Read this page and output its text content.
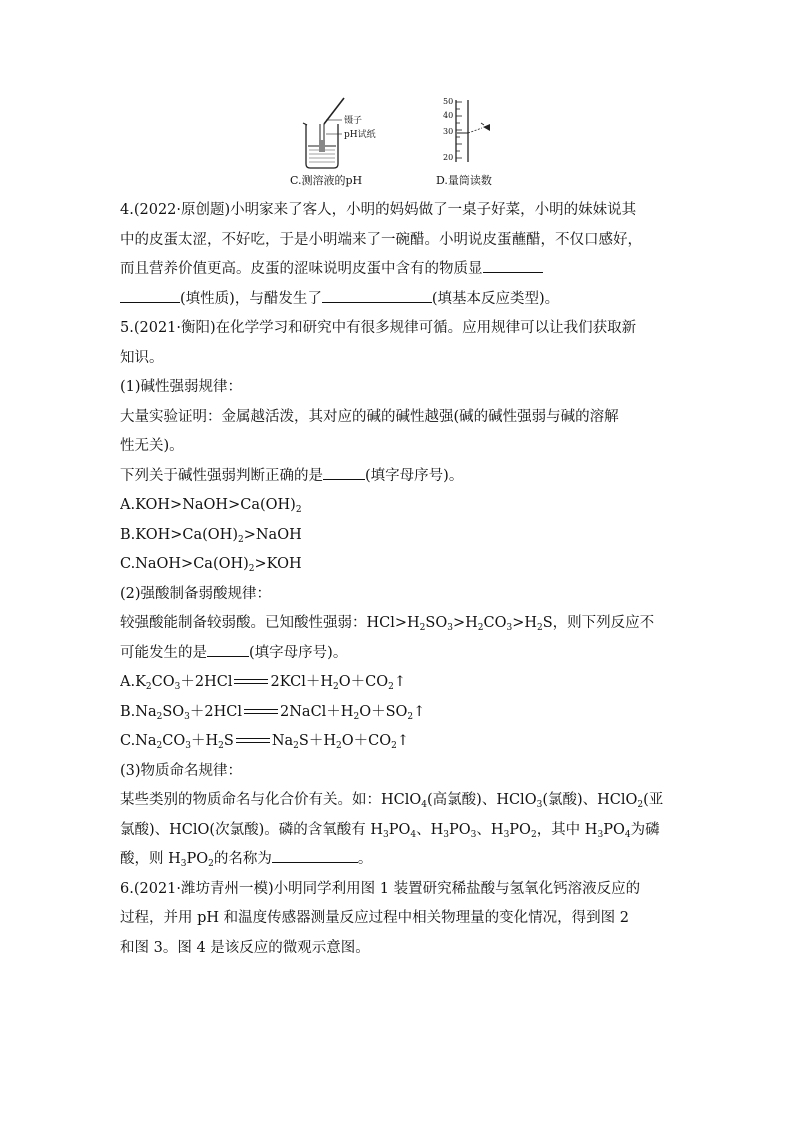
镊子
pH试纸
50
40
30
20
C.测溶液的pH	D.量筒读数
4.(2022·原创题)小明家来了客人，小明的妈妈做了一桌子好菜，小明的妹妹说其
中的皮蛋太涩，不好吃，于是小明端来了一碗醋。小明说皮蛋蘸醋，不仅口感好，
而且营养价值更高。皮蛋的涩味说明皮蛋中含有的物质显
(填性质)，与醋发生了	(填基本反应类型)。
5.(2021·衡阳)在化学学习和研究中有很多规律可循。应用规律可以让我们获取新
知识。
(1)碱性强弱规律：
大量实验证明：金属越活泼，其对应的碱的碱性越强(碱的碱性强弱与碱的溶解
性无关)。
下列关于碱性强弱判断正确的是	(填字母序号)。
$A.KOH>NaOH>Ca(OH)_2$
$B.KOH>Ca(OH)_2>NaOH$
$C.NaOH>Ca(OH)_2>KOH$
(2)强酸制备弱酸规律：
较强酸能制备较弱酸。已知酸性强弱：$HCl>H_2SO_3>H_2CO_3>H_2S$，则下列反应不
可能发生的是	(填字母序号)。
$A.K_2CO_3+2HCl$	$2KCl+H_2O+CO_2↑$
$B.Na_2SO_3+2HCl$	$2NaCl+H_2O+SO_2↑$
$C.Na_2CO_3+H_2S$	$Na_2S+H_2O+CO_2↑$
(3)物质命名规律：
某些类别的物质命名与化合价有关。如：HClO$_4$(高氯酸)、HClO$_3$(氯酸)、HClO$_2$(亚
氯酸)、HClO(次氯酸)。磷的含氧酸有 $H_3PO_4$、$H_3PO_3$、$H_3PO_2$，其中 $H_3PO_4$为磷
酸，则 $H_3PO_2$的名称为	。
6.(2021·潍坊青州一模)小明同学利用图 1 装置研究稀盐酸与氢氧化钙溶液反应的
过程，并用 pH 和温度传感器测量反应过程中相关物理量的变化情况，得到图 2
和图 3。图 4 是该反应的微观示意图。
